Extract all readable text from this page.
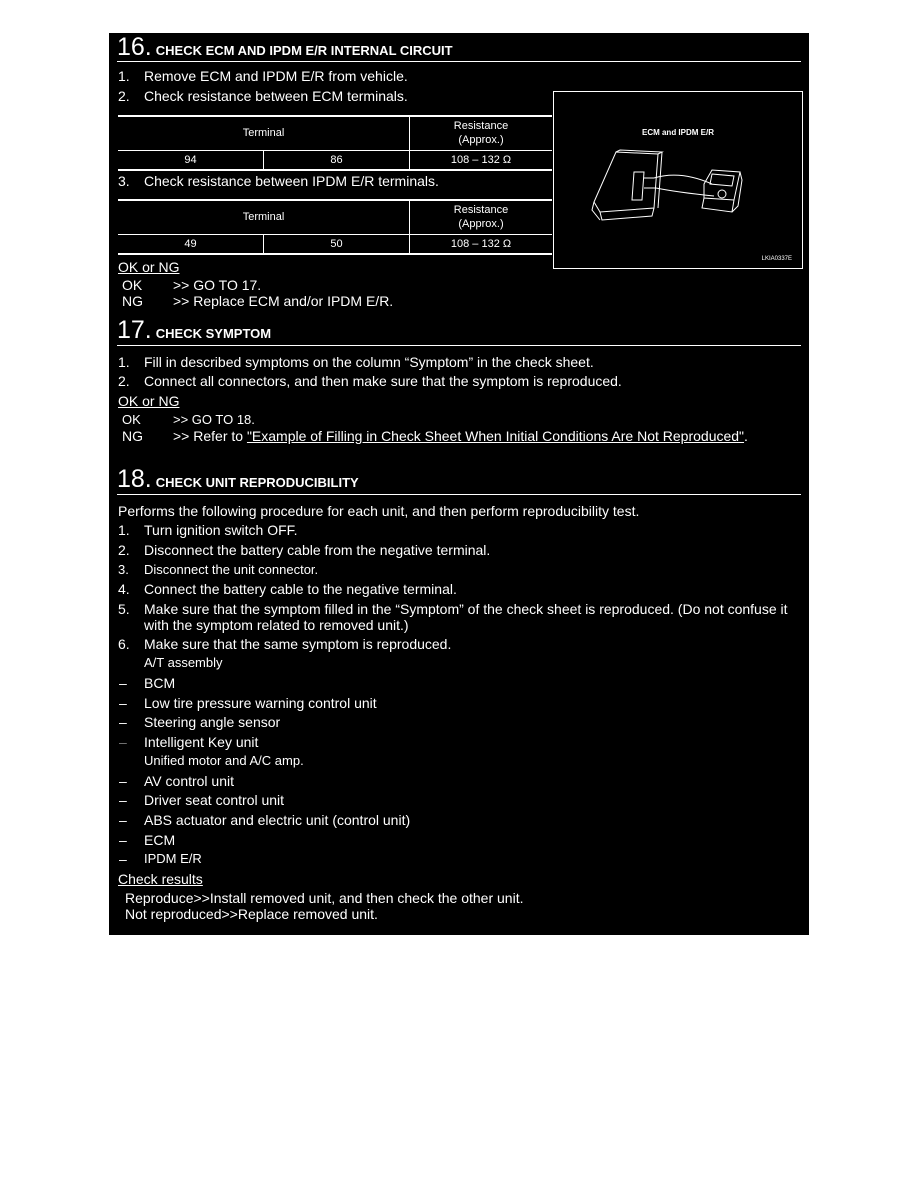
16. CHECK ECM AND IPDM E/R INTERNAL CIRCUIT
1. Remove ECM and IPDM E/R from vehicle.
2. Check resistance between ECM terminals.
Terminal		Resistance
(Approx.)
94	86	108 – 132 Ω
3. Check resistance between IPDM E/R terminals.
Terminal		Resistance
(Approx.)
49	50	108 – 132 Ω
ECM and IPDM E/R
LKIA0337E
OK or NG
OK >> GO TO 17.
NG >> Replace ECM and/or IPDM E/R.
17. CHECK SYMPTOM
1. Fill in described symptoms on the column “Symptom” in the check sheet.
2. Connect all connectors, and then make sure that the symptom is reproduced.
OK or NG
OK >> GO TO 18.
NG >> Refer to "Example of Filling in Check Sheet When Initial Conditions Are Not Reproduced".
18. CHECK UNIT REPRODUCIBILITY
Performs the following procedure for each unit, and then perform reproducibility test.
1. Turn ignition switch OFF.
2. Disconnect the battery cable from the negative terminal.
3. Disconnect the unit connector.
4. Connect the battery cable to the negative terminal.
5. Make sure that the symptom filled in the “Symptom” of the check sheet is reproduced. (Do not confuse it
with the symptom related to removed unit.)
6. Make sure that the same symptom is reproduced.
A/T assembly
– BCM
– Low tire pressure warning control unit
– Steering angle sensor
– Intelligent Key unit
Unified motor and A/C amp.
– AV control unit
– Driver seat control unit
– ABS actuator and electric unit (control unit)
– ECM
– IPDM E/R
Check results
Reproduce>>Install removed unit, and then check the other unit.
Not reproduced>>Replace removed unit.
